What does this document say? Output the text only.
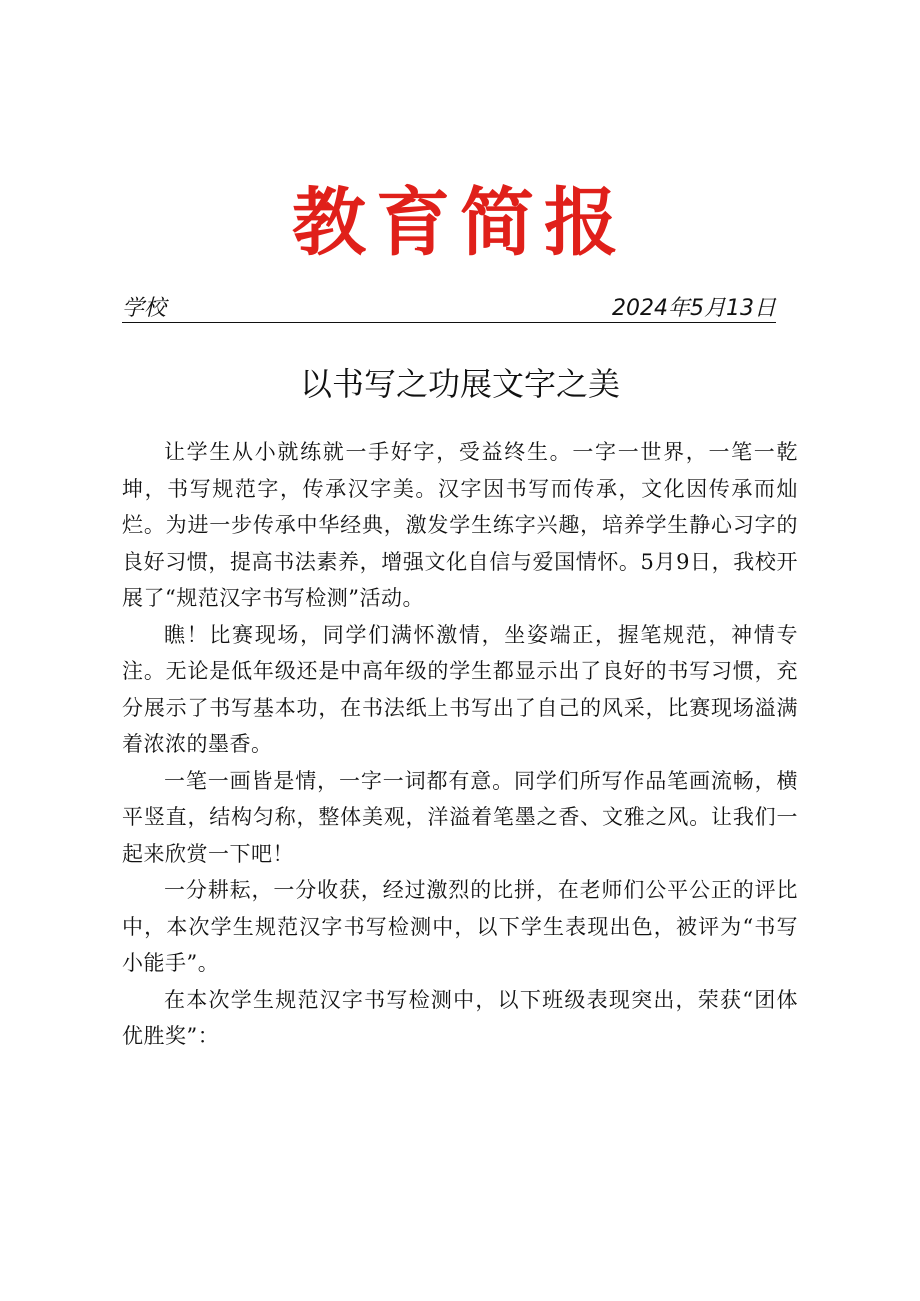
教育简报
学校	2024年5月13日
以书写之功展文字之美

让学生从小就练就一手好字，受益终生。一字一世界，一笔一乾坤，书写规范字，传承汉字美。汉字因书写而传承，文化因传承而灿烂。为进一步传承中华经典，激发学生练字兴趣，培养学生静心习字的良好习惯，提高书法素养，增强文化自信与爱国情怀。5月9日，我校开展了“规范汉字书写检测”活动。

瞧！比赛现场，同学们满怀激情，坐姿端正，握笔规范，神情专注。无论是低年级还是中高年级的学生都显示出了良好的书写习惯，充分展示了书写基本功，在书法纸上书写出了自己的风采，比赛现场溢满着浓浓的墨香。

一笔一画皆是情，一字一词都有意。同学们所写作品笔画流畅，横平竖直，结构匀称，整体美观，洋溢着笔墨之香、文雅之风。让我们一起来欣赏一下吧！

一分耕耘，一分收获，经过激烈的比拼，在老师们公平公正的评比中，本次学生规范汉字书写检测中，以下学生表现出色，被评为“书写小能手”。

在本次学生规范汉字书写检测中，以下班级表现突出，荣获“团体优胜奖”：
